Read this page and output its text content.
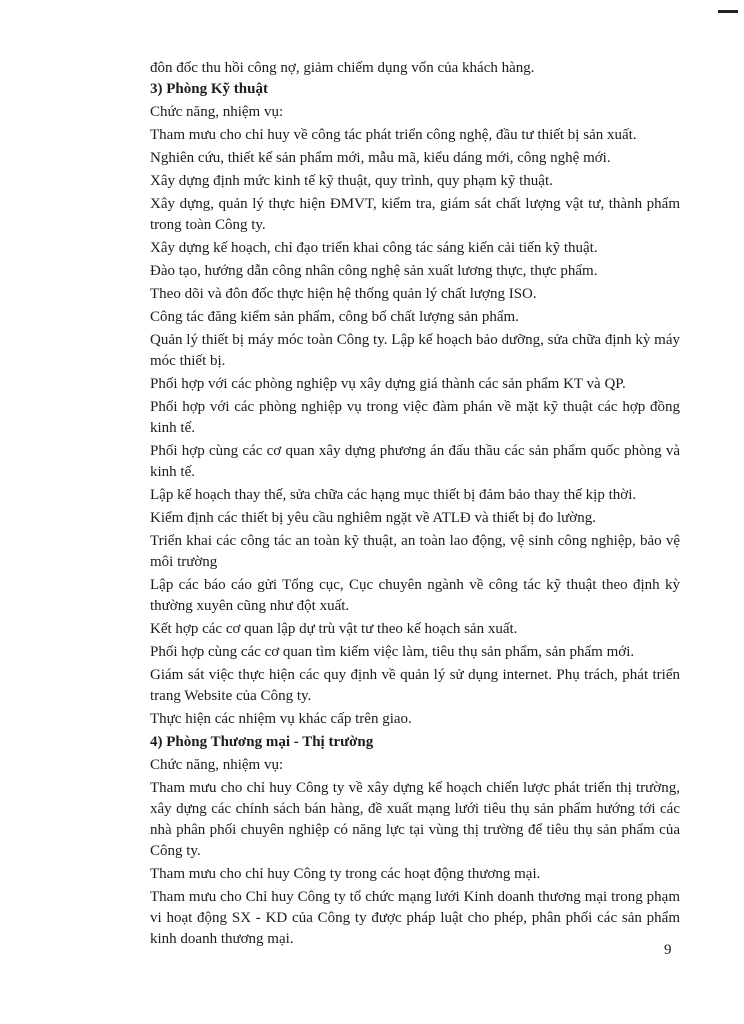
đôn đốc thu hồi công nợ, giảm chiếm dụng vốn của khách hàng.

3) Phòng Kỹ thuật

Chức năng, nhiệm vụ:

Tham mưu cho chỉ huy về công tác phát triển công nghệ, đầu tư thiết bị sản xuất.

Nghiên cứu, thiết kế sản phẩm mới, mẫu mã, kiểu dáng mới, công nghệ mới.

Xây dựng định mức kinh tế kỹ thuật, quy trình, quy phạm kỹ thuật.

Xây dựng, quản lý thực hiện ĐMVT, kiểm tra, giám sát chất lượng vật tư, thành phẩm trong toàn Công ty.

Xây dựng kế hoạch, chỉ đạo triển khai công tác sáng kiến cải tiến kỹ thuật.

Đào tạo, hướng dẫn công nhân công nghệ sản xuất lương thực, thực phẩm.

Theo dõi và đôn đốc thực hiện hệ thống quản lý chất lượng ISO.

Công tác đăng kiểm sản phẩm, công bố chất lượng sản phẩm.

Quản lý thiết bị máy móc toàn Công ty. Lập kế hoạch bảo dưỡng, sửa chữa định kỳ máy móc thiết bị.

Phối hợp với các phòng nghiệp vụ xây dựng giá thành các sản phẩm KT và QP.

Phối hợp với các phòng nghiệp vụ trong việc đàm phán về mặt kỹ thuật các hợp đồng kinh tế.

Phối hợp cùng các cơ quan xây dựng phương án đấu thầu các sản phẩm quốc phòng và kinh tế.

Lập kế hoạch thay thế, sửa chữa các hạng mục thiết bị đảm bảo thay thế kịp thời.

Kiểm định các thiết bị yêu cầu nghiêm ngặt về ATLĐ và thiết bị đo lường.

Triển khai các công tác an toàn kỹ thuật, an toàn lao động, vệ sinh công nghiệp, bảo vệ môi trường

Lập các báo cáo gửi Tổng cục, Cục chuyên ngành về công tác kỹ thuật theo định kỳ thường xuyên cũng như đột xuất.

Kết hợp các cơ quan lập dự trù vật tư theo kế hoạch sản xuất.

Phối hợp cùng các cơ quan tìm kiếm việc làm, tiêu thụ sản phẩm, sản phẩm mới.

Giám sát việc thực hiện các quy định về quản lý sử dụng internet. Phụ trách, phát triển trang Website của Công ty.

Thực hiện các nhiệm vụ khác cấp trên giao.

4) Phòng Thương mại - Thị trường

Chức năng, nhiệm vụ:

Tham mưu cho chỉ huy Công ty về xây dựng kế hoạch chiến lược phát triển thị trường, xây dựng các chính sách bán hàng, đề xuất mạng lưới tiêu thụ sản phẩm hướng tới các nhà phân phối chuyên nghiệp có năng lực tại vùng thị trường để tiêu thụ sản phẩm của Công ty.

Tham mưu cho chỉ huy Công ty trong các hoạt động thương mại.

Tham mưu cho Chỉ huy Công ty tổ chức mạng lưới Kinh doanh thương mại trong phạm vi hoạt động SX - KD của Công ty được pháp luật cho phép, phân phối các sản phẩm kinh doanh thương mại.

9
